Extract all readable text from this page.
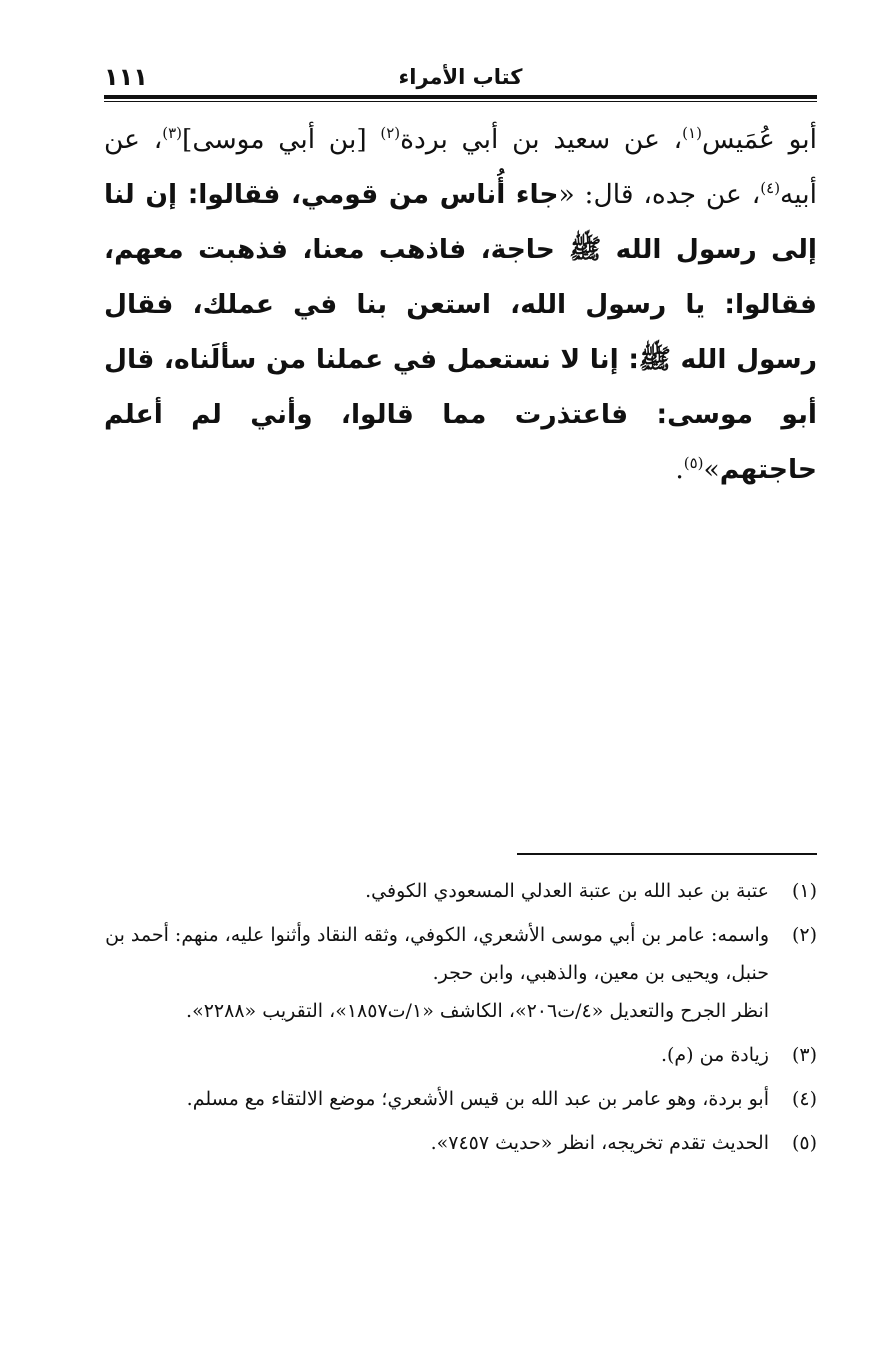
كتاب الأمراء
١١١

أبو عُمَيس$^{(١)}$، عن سعيد بن أبي بردة$^{(٢)}$ [بن أبي موسى]$^{(٣)}$، عن أبيه$^{(٤)}$، عن جده، قال: «جاء أُناس من قومي، فقالوا: إن لنا إلى رسول الله ﷺ حاجة، فاذهب معنا، فذهبت معهم، فقالوا: يا رسول الله، استعن بنا في عملك، فقال رسول الله ﷺ: إنا لا نستعمل في عملنا من سألَناه، قال أبو موسى: فاعتذرت مما قالوا، وأني لم أعلم حاجتهم»$^{(٥)}$.

(١)
عتبة بن عبد الله بن عتبة العدلي المسعودي الكوفي.
(٢)
واسمه: عامر بن أبي موسى الأشعري، الكوفي، وثقه النقاد وأثنوا عليه، منهم: أحمد بن حنبل، ويحيى بن معين، والذهبي، وابن حجر.
انظر الجرح والتعديل «٤/ت٢٠٦»، الكاشف «١/ت١٨٥٧»، التقريب «٢٢٨٨».
(٣)
زيادة من (م).
(٤)
أبو بردة، وهو عامر بن عبد الله بن قيس الأشعري؛ موضع الالتقاء مع مسلم.
(٥)
الحديث تقدم تخريجه، انظر «حديث ٧٤٥٧».
